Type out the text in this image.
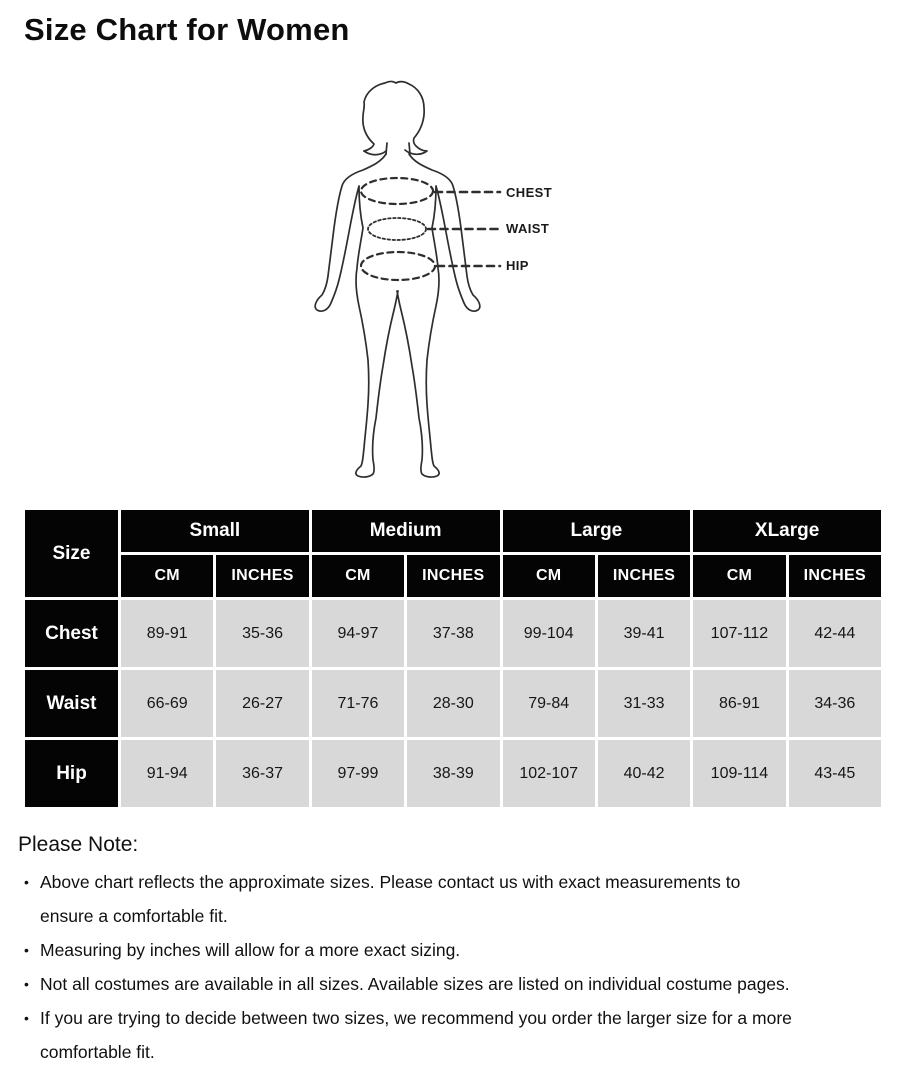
Size Chart for Women
CHEST
WAIST
HIP
Size	Small		Medium		Large		XLarge	
	CM	INCHES	CM	INCHES	CM	INCHES	CM	INCHES
Chest	89-91	35-36	94-97	37-38	99-104	39-41	107-112	42-44
Waist	66-69	26-27	71-76	28-30	79-84	31-33	86-91	34-36
Hip	91-94	36-37	97-99	38-39	102-107	40-42	109-114	43-45
Please Note:
• Above chart reflects the approximate sizes. Please contact us with exact measurements to
ensure a comfortable fit.
• Measuring by inches will allow for a more exact sizing.
• Not all costumes are available in all sizes. Available sizes are listed on individual costume pages.
• If you are trying to decide between two sizes, we recommend you order the larger size for a more
comfortable fit.
